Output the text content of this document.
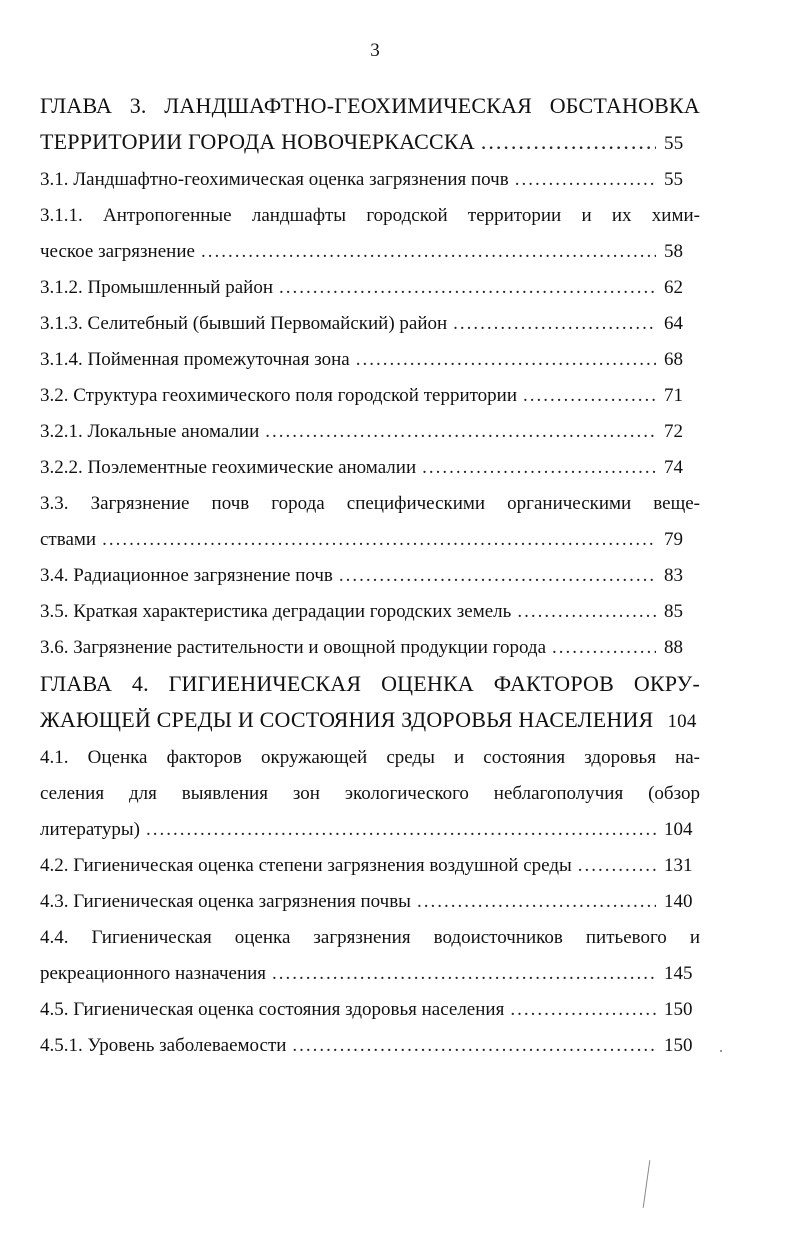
3
ГЛАВА 3. ЛАНДШАФТНО-ГЕОХИМИЧЕСКАЯ ОБСТАНОВКА
ТЕРРИТОРИИ ГОРОДА НОВОЧЕРКАССКА .....	55
3.1. Ландшафтно-геохимическая оценка загрязнения почв .....	55
3.1.1. Антропогенные ландшафты городской территории и их хими-
ческое загрязнение .....	58
3.1.2. Промышленный район .....	62
3.1.3. Селитебный (бывший Первомайский) район .....	64
3.1.4. Пойменная промежуточная зона .....	68
3.2. Структура геохимического поля городской территории .....	71
3.2.1. Локальные аномалии .....	72
3.2.2. Поэлементные геохимические аномалии .....	74
3.3. Загрязнение почв города специфическими органическими веще-
ствами .....	79
3.4. Радиационное загрязнение почв .....	83
3.5. Краткая характеристика деградации городских земель .....	85
3.6. Загрязнение растительности и овощной продукции города .....	88
ГЛАВА 4. ГИГИЕНИЧЕСКАЯ ОЦЕНКА ФАКТОРОВ ОКРУ-
ЖАЮЩЕЙ СРЕДЫ И СОСТОЯНИЯ ЗДОРОВЬЯ НАСЕЛЕНИЯ 104
4.1. Оценка факторов окружающей среды и состояния здоровья на-
селения для выявления зон экологического неблагополучия (обзор
литературы) .....	104
4.2. Гигиеническая оценка степени загрязнения воздушной среды .....	131
4.3. Гигиеническая оценка загрязнения почвы .....	140
4.4. Гигиеническая оценка загрязнения водоисточников питьевого и
рекреационного назначения .....	145
4.5. Гигиеническая оценка состояния здоровья населения .....	150
4.5.1. Уровень заболеваемости .....	150
